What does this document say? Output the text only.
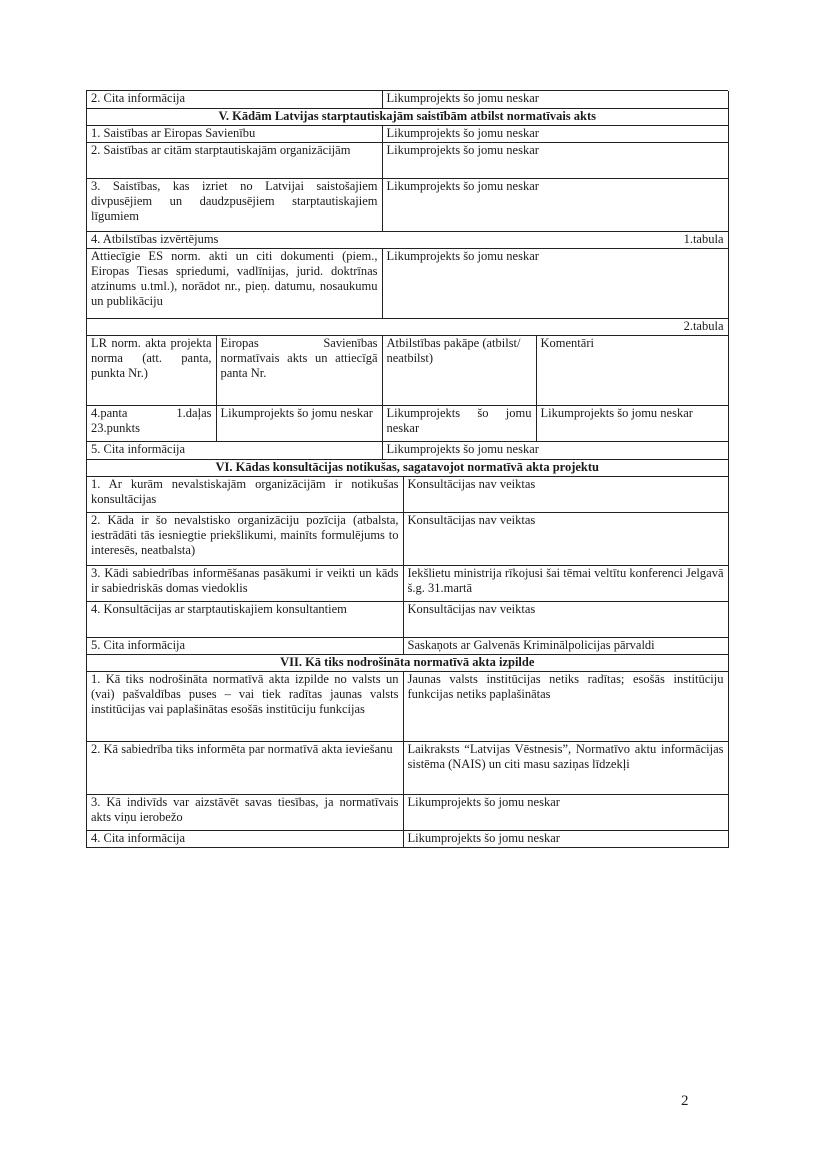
2. Cita informācija	Likumprojekts šo jomu neskar
V. Kādām Latvijas starptautiskajām saistībām atbilst normatīvais akts	
1. Saistības ar Eiropas Savienību	Likumprojekts šo jomu neskar
2. Saistības ar citām starptautiskajām organizācijām	Likumprojekts šo jomu neskar
3. Saistības, kas izriet no Latvijai saistošajiem divpusējiem un daudzpusējiem starptautiskajiem līgumiem	Likumprojekts šo jomu neskar
4. Atbilstības izvērtējums 1.tabula	

Attiecīgie ES norm. akti un citi dokumenti (piem., Eiropas Tiesas spriedumi, vadlīnijas, jurid. doktrīnas atzinums u.tml.), norādot nr., pieņ. datumu, nosaukumu un publikāciju	Likumprojekts šo jomu neskar
2.tabula	
LR norm. akta projekta norma (att. panta, punkta Nr.)	Eiropas Savienības normatīvais akts un attiecīgā panta Nr.	Atbilstības pakāpe (atbilst/ neatbilst)	Komentāri
4.panta 1.daļas 23.punkts	Likumprojekts šo jomu neskar	Likumprojekts šo jomu neskar	Likumprojekts šo jomu neskar
5. Cita informācija	Likumprojekts šo jomu neskar
VI. Kādas konsultācijas notikušas, sagatavojot normatīvā akta projektu	
1. Ar kurām nevalstiskajām organizācijām ir notikušas konsultācijas	Konsultācijas nav veiktas
2. Kāda ir šo nevalstisko organizāciju pozīcija (atbalsta, iestrādāti tās iesniegtie priekšlikumi, mainīts formulējums to interesēs, neatbalsta)	Konsultācijas nav veiktas
3. Kādi sabiedrības informēšanas pasākumi ir veikti un kāds ir sabiedriskās domas viedoklis	Iekšlietu ministrija rīkojusi šai tēmai veltītu konferenci Jelgavā š.g. 31.martā
4. Konsultācijas ar starptautiskajiem konsultantiem	Konsultācijas nav veiktas
5. Cita informācija	Saskaņots ar Galvenās Kriminālpolicijas pārvaldi
VII. Kā tiks nodrošināta normatīvā akta izpilde	
1. Kā tiks nodrošināta normatīvā akta izpilde no valsts un (vai) pašvaldības puses – vai tiek radītas jaunas valsts institūcijas vai paplašinātas esošās institūciju funkcijas	Jaunas valsts institūcijas netiks radītas; esošās institūciju funkcijas netiks paplašinātas
2. Kā sabiedrība tiks informēta par normatīvā akta ieviešanu	Laikraksts “Latvijas Vēstnesis”, Normatīvo aktu informācijas sistēma (NAIS) un citi masu saziņas līdzekļi
3. Kā indivīds var aizstāvēt savas tiesības, ja normatīvais akts viņu ierobežo	Likumprojekts šo jomu neskar
4. Cita informācija	Likumprojekts šo jomu neskar
2
